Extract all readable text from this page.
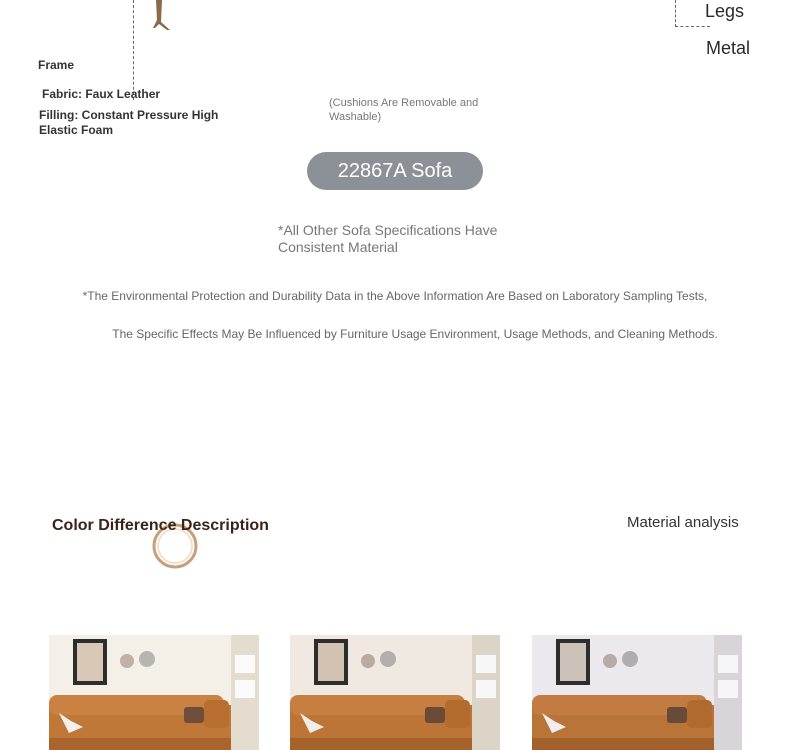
Legs
Metal
Frame
Fabric: Faux Leather
Filling: Constant Pressure High Elastic Foam
(Cushions Are Removable and Washable)
22867A Sofa
*All Other Sofa Specifications Have Consistent Material
*The Environmental Protection and Durability Data in the Above Information Are Based on Laboratory Sampling Tests,
The Specific Effects May Be Influenced by Furniture Usage Environment, Usage Methods, and Cleaning Methods.
Color Difference Description	Material analysis
